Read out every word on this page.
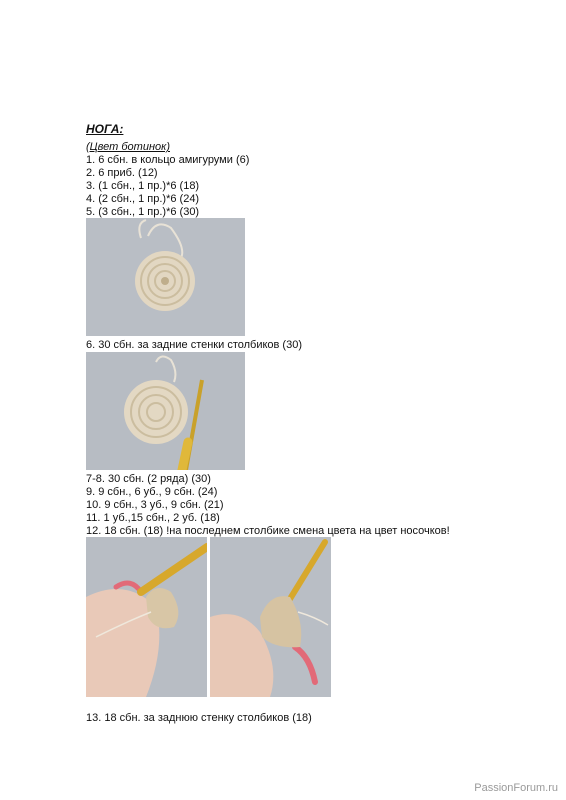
НОГА:
(Цвет ботинок)
1. 6 сбн. в кольцо амигуруми (6)
2. 6 приб. (12)
3. (1 сбн., 1 пр.)*6 (18)
4. (2 сбн., 1 пр.)*6 (24)
5. (3 сбн., 1 пр.)*6 (30)
6. 30 сбн. за задние стенки столбиков (30)
7-8. 30 сбн. (2 ряда) (30)
9. 9 сбн., 6 уб., 9 сбн. (24)
10. 9 сбн., 3 уб., 9 сбн. (21)
11. 1 уб.,15 сбн., 2 уб. (18)
12. 18 сбн. (18) !на последнем столбике смена цвета на цвет носочков!
13. 18 сбн. за заднюю стенку столбиков (18)
PassionForum.ru
